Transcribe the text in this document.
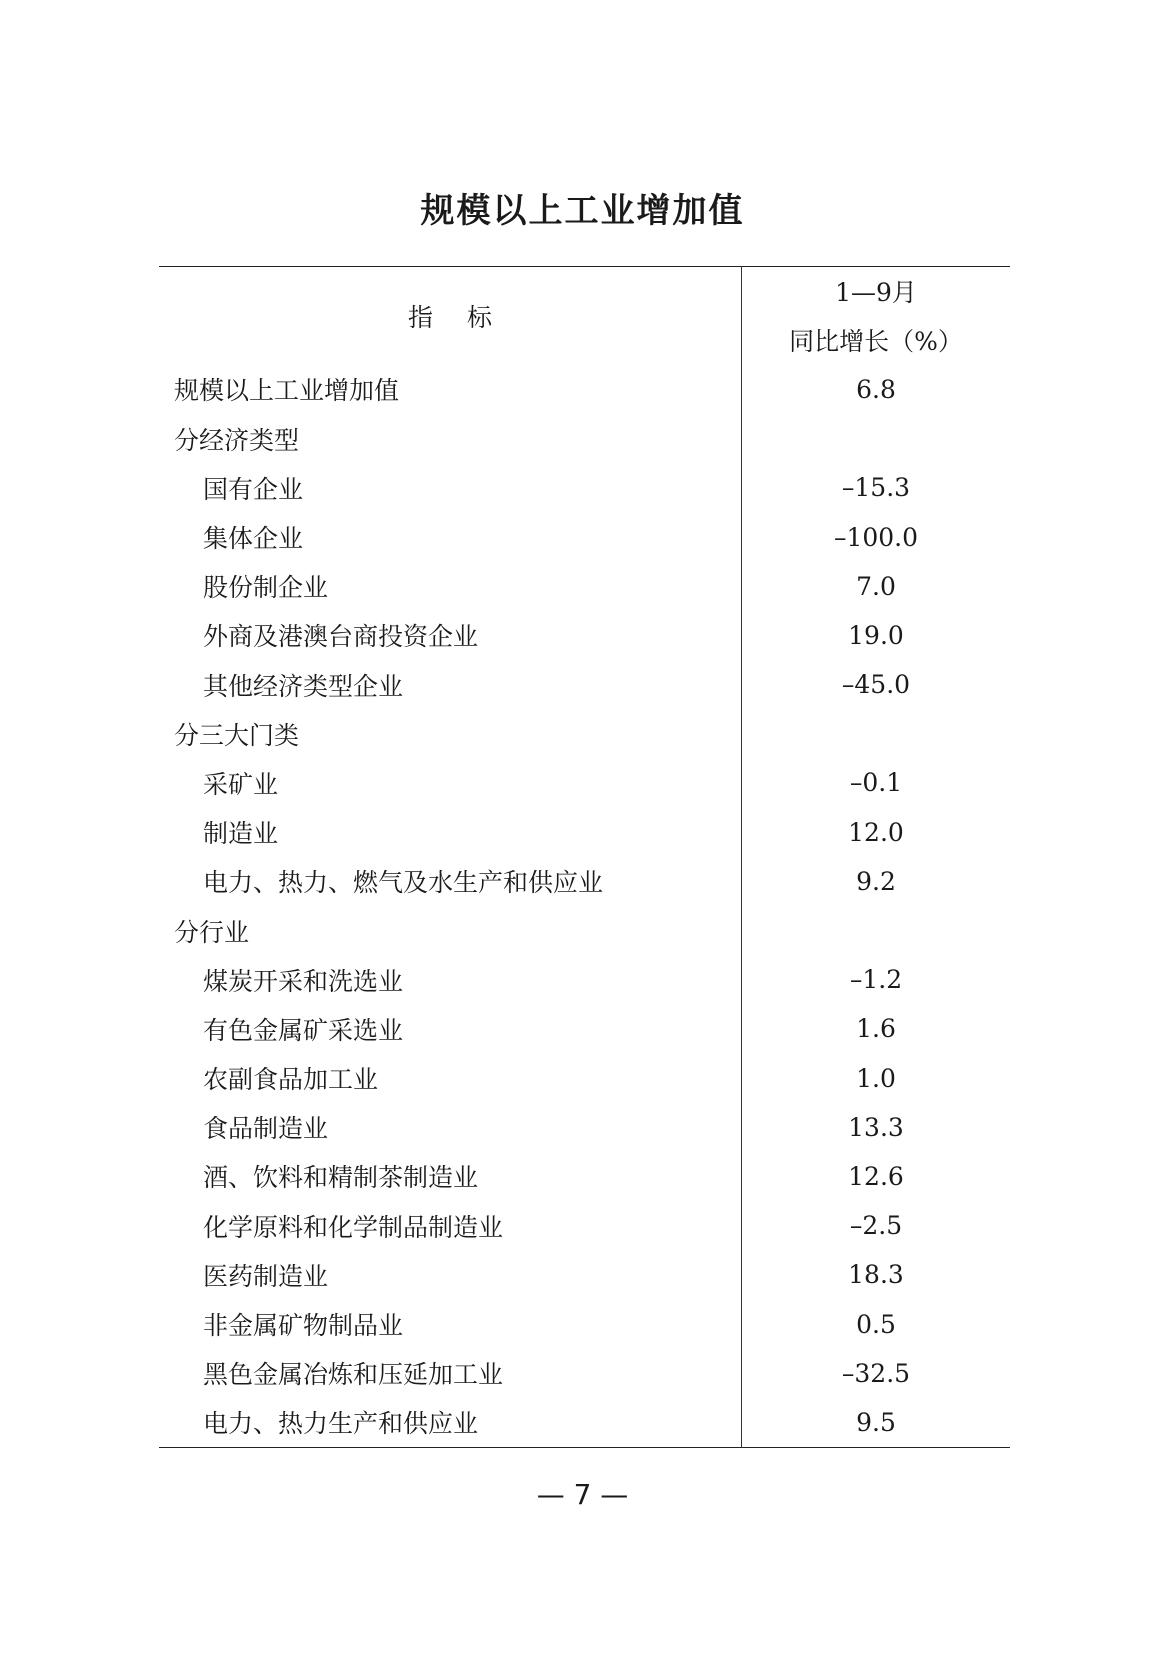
规模以上工业增加值
指 标	1—9月
	同比增长（%）
规模以上工业增加值	6.8
分经济类型	
国有企业	–15.3
集体企业	–100.0
股份制企业	7.0
外商及港澳台商投资企业	19.0
其他经济类型企业	–45.0
分三大门类	
采矿业	–0.1
制造业	12.0
电力、热力、燃气及水生产和供应业	9.2
分行业	
煤炭开采和洗选业	–1.2
有色金属矿采选业	1.6
农副食品加工业	1.0
食品制造业	13.3
酒、饮料和精制茶制造业	12.6
化学原料和化学制品制造业	–2.5
医药制造业	18.3
非金属矿物制品业	0.5
黑色金属冶炼和压延加工业	–32.5
电力、热力生产和供应业	9.5
— 7 —
